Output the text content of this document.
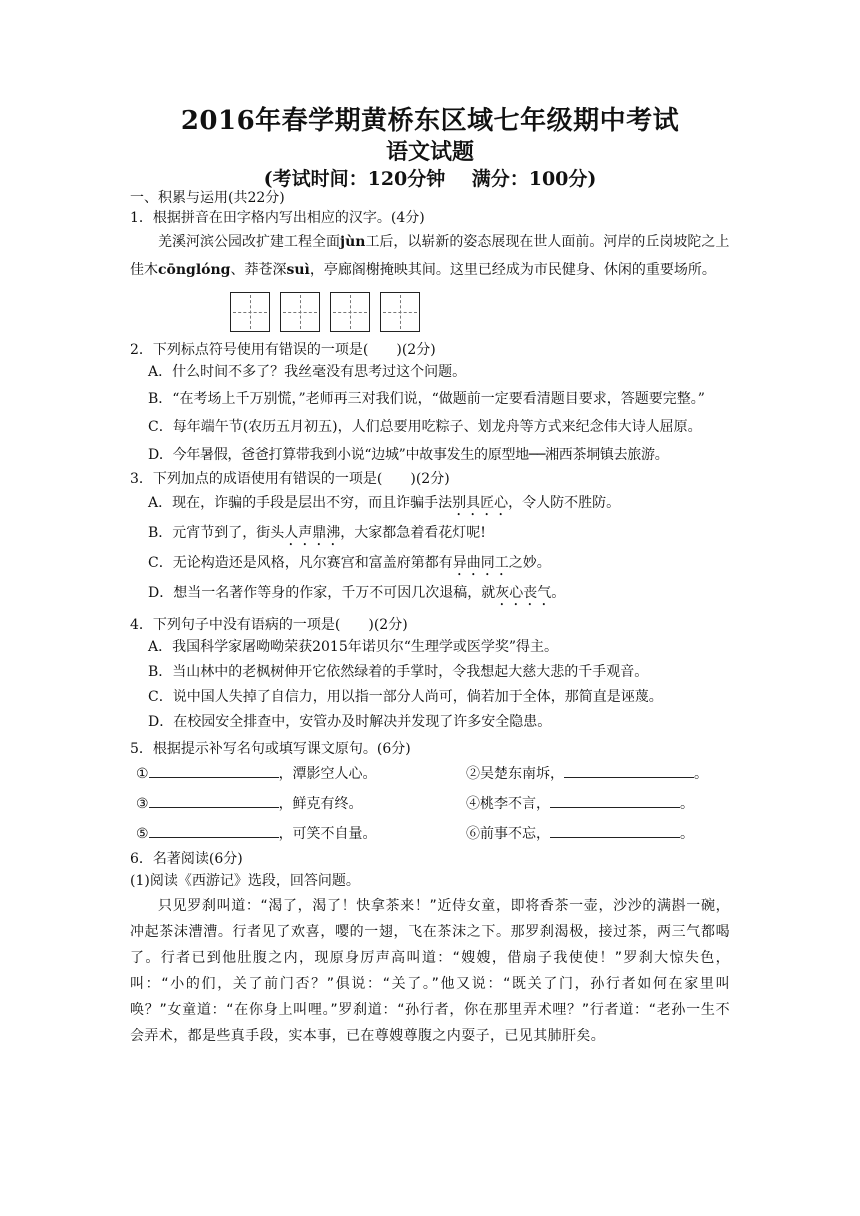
2016年春学期黄桥东区域七年级期中考试
语文试题
(考试时间：120分钟    满分：100分)

一、积累与运用(共22分)

1．根据拼音在田字格内写出相应的汉字。(4分)

羌溪河滨公园改扩建工程全面jùn工后，以崭新的姿态展现在世人面前。河岸的丘岗坡陀之上佳木cōnglóng、莽苍深suì，亭廊阁榭掩映其间。这里已经成为市民健身、休闲的重要场所。

2．下列标点符号使用有错误的一项是(　　)(2分)

A．什么时间不多了？我丝毫没有思考过这个问题。

B．“在考场上千万别慌，”老师再三对我们说，“做题前一定要看清题目要求，答题要完整。”

C．每年端午节(农历五月初五)，人们总要用吃粽子、划龙舟等方式来纪念伟大诗人屈原。

D．今年暑假，爸爸打算带我到小说“边城”中故事发生的原型地──湘西茶垌镇去旅游。

3．下列加点的成语使用有错误的一项是(　　)(2分)

A．现在，诈骗的手段是层出不穷，而且诈骗手法别具匠心，令人防不胜防。

B．元宵节到了，街头人声鼎沸，大家都急着看花灯呢!

C．无论构造还是风格，凡尔赛宫和富盖府第都有异曲同工之妙。

D．想当一名著作等身的作家，千万不可因几次退稿，就灰心丧气。

4．下列句子中没有语病的一项是(　　)(2分)

A．我国科学家屠呦呦荣获2015年诺贝尔“生理学或医学奖”得主。

B．当山林中的老枫树伸开它依然绿着的手掌时，令我想起大慈大悲的千手观音。

C．说中国人失掉了自信力，用以指一部分人尚可，倘若加于全体，那简直是诬蔑。

D．在校园安全排查中，安管办及时解决并发现了许多安全隐患。

5．根据提示补写名句或填写课文原句。(6分)

①	，潭影空人心。	②吴楚东南坼，	。
③	，鲜克有终。	④桃李不言，	。
⑤	，可笑不自量。	⑥前事不忘，	。

6．名著阅读(6分)

(1)阅读《西游记》选段，回答问题。

只见罗刹叫道：“渴了，渴了！快拿茶来！”近侍女童，即将香茶一壶，沙沙的满斟一碗，冲起茶沫漕漕。行者见了欢喜，嘤的一翅，飞在茶沫之下。那罗刹渴极，接过茶，两三气都喝了。行者已到他肚腹之内，现原身厉声高叫道：“嫂嫂，借扇子我使使！”罗刹大惊失色，叫：“小的们，关了前门否？”俱说：“关了。”他又说：“既关了门，孙行者如何在家里叫唤？”女童道：“在你身上叫哩。”罗刹道：“孙行者，你在那里弄术哩？”行者道：“老孙一生不会弄术，都是些真手段，实本事，已在尊嫂尊腹之内耍子，已见其肺肝矣。
